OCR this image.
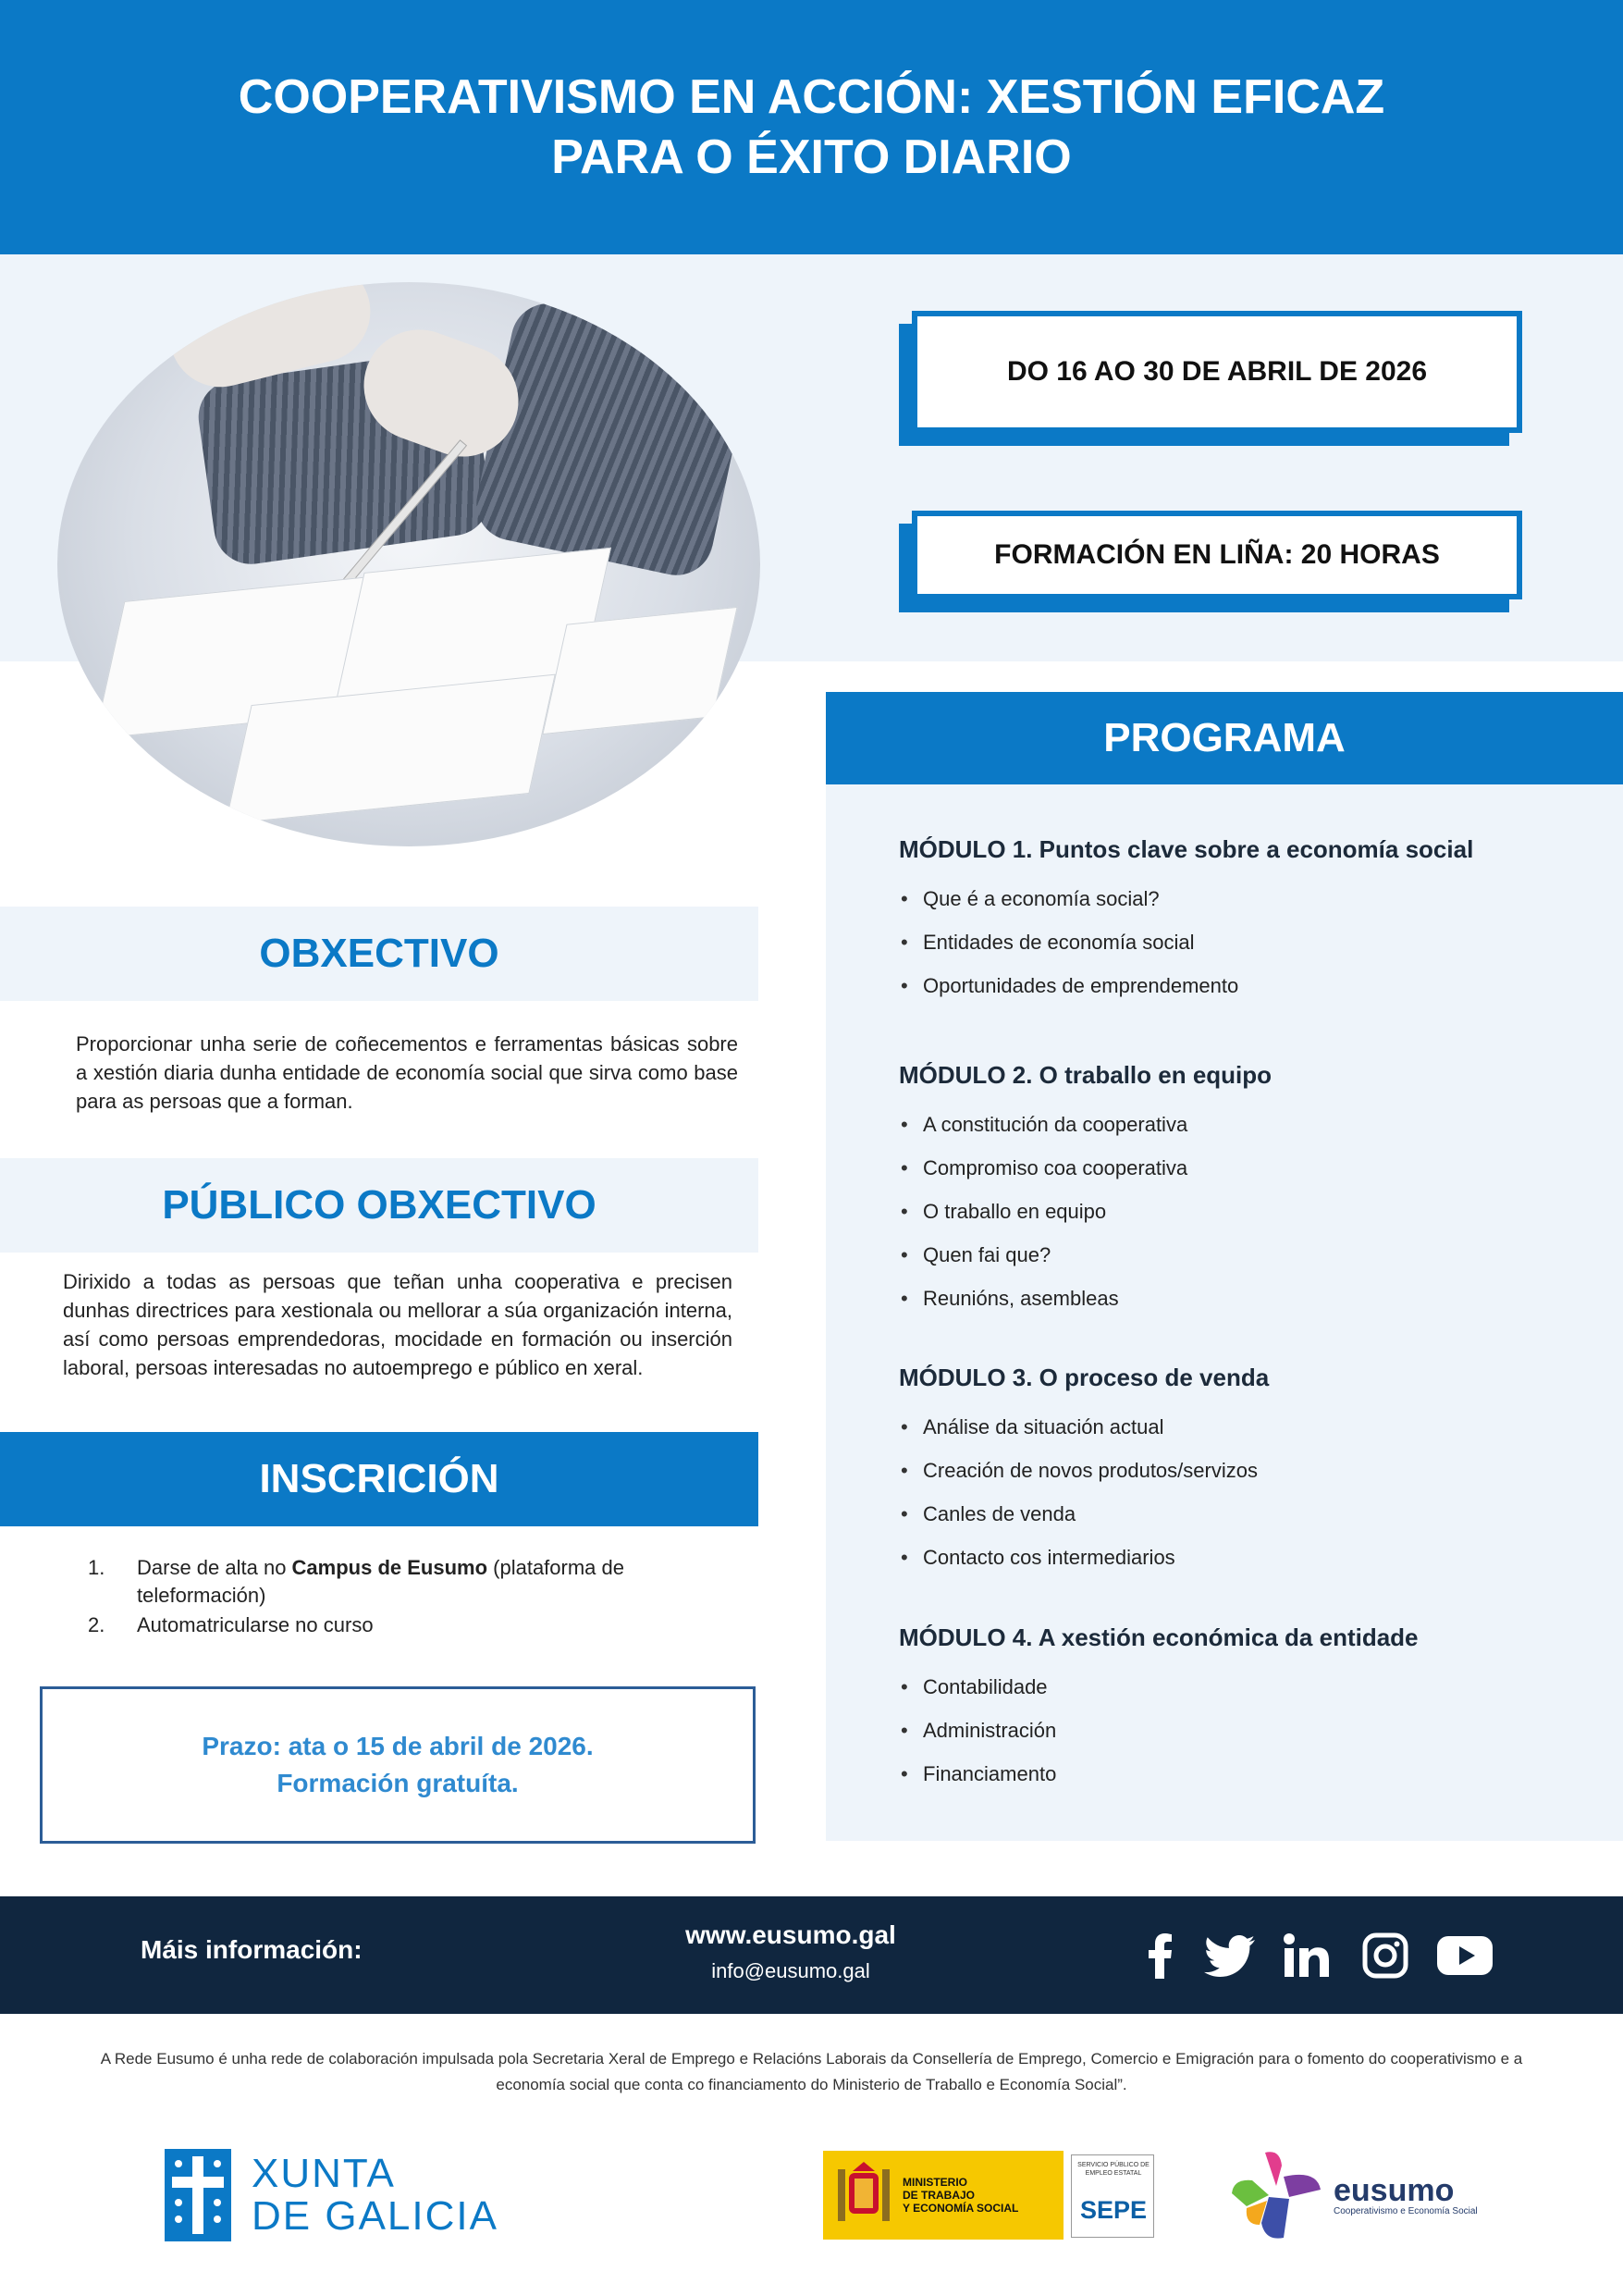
COOPERATIVISMO EN ACCIÓN: XESTIÓN EFICAZ
PARA O ÉXITO DIARIO
DO 16 AO 30 DE ABRIL DE 2026
FORMACIÓN EN LIÑA: 20 HORAS
PROGRAMA
MÓDULO 1. Puntos clave sobre a economía social
• Que é a economía social?
• Entidades de economía social
• Oportunidades de emprendemento
MÓDULO 2. O traballo en equipo
• A constitución da cooperativa
• Compromiso coa cooperativa
• O traballo en equipo
• Quen fai que?
• Reunións, asembleas
MÓDULO 3. O proceso de venda
• Análise da situación actual
• Creación de novos produtos/servizos
• Canles de venda
• Contacto cos intermediarios
MÓDULO 4. A xestión económica da entidade
• Contabilidade
• Administración
• Financiamento
OBXECTIVO

Proporcionar unha serie de coñecementos e ferramentas básicas sobre a xestión diaria dunha entidade de economía social que sirva como base para as persoas que a forman.

PÚBLICO OBXECTIVO

Dirixido a todas as persoas que teñan unha cooperativa e precisen dunhas directrices para xestionala ou mellorar a súa organización interna, así como persoas emprendedoras, mocidade en formación ou inserción laboral, persoas interesadas no autoemprego e público en xeral.

INSCRICIÓN
1.	Darse de alta no Campus de Eusumo (plataforma de teleformación)
2.	Automatricularse no curso
Prazo: ata o 15 de abril de 2026.
Formación gratuíta.
Máis información:
www.eusumo.gal
info@eusumo.gal

A Rede Eusumo é unha rede de colaboración impulsada pola Secretaria Xeral de Emprego e Relacións Laborais da Consellería de Emprego, Comercio e Emigración para o fomento do cooperativismo e a economía social que conta co financiamento do Ministerio de Traballo e Economía Social”.

XUNTA
DE GALICIA
MINISTERIO
DE TRABAJO
Y ECONOMÍA SOCIAL
SERVICIO PÚBLICO DE EMPLEO ESTATAL
SEPE
eusumo
Cooperativismo e Economía Social
